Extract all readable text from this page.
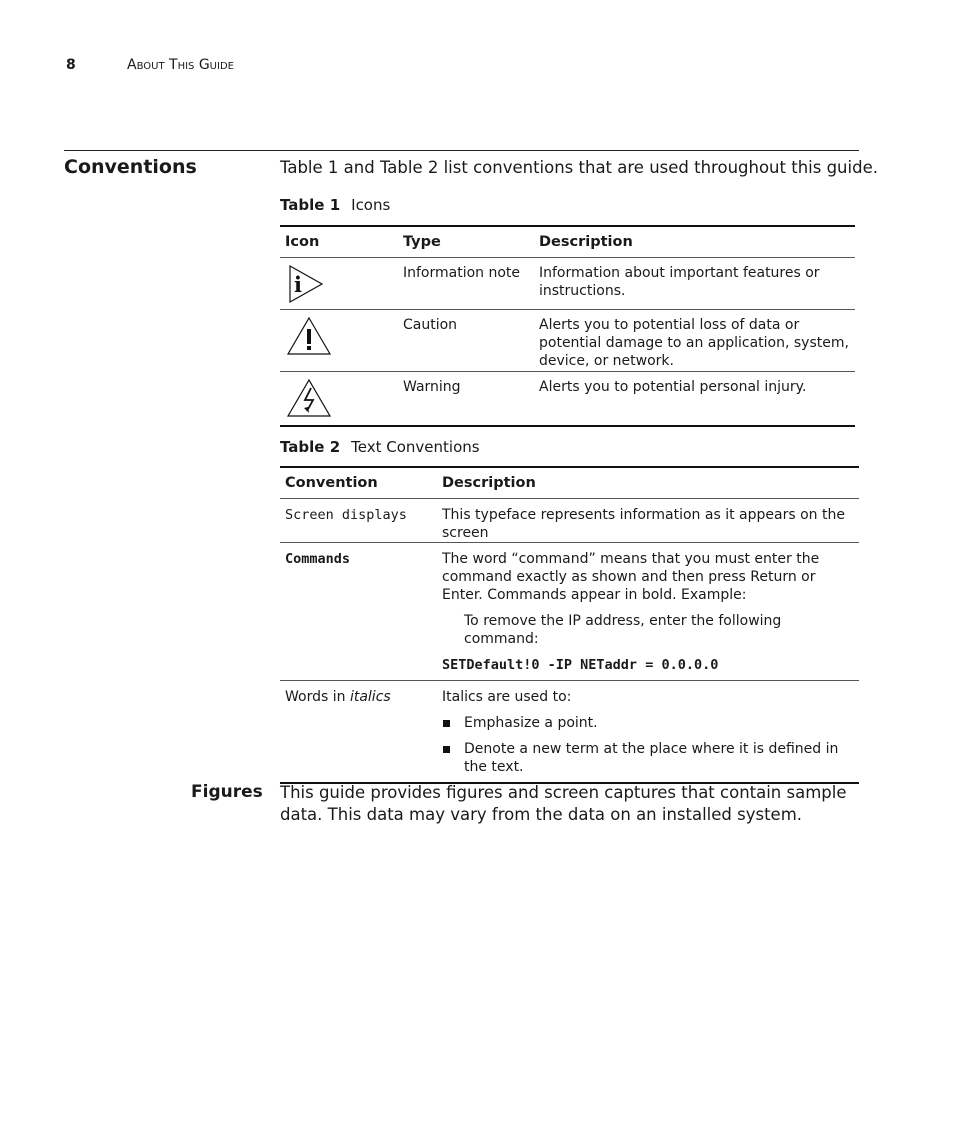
8	About This Guide
Conventions	Table 1 and Table 2 list conventions that are used throughout this guide.
Table 1 Icons
Icon	Type	Description

i	Information note	Information about important features or instructions.
	Caution	Alerts you to potential loss of data or potential damage to an application, system, device, or network.
	Warning	Alerts you to potential personal injury.
Table 2 Text Conventions
Convention	Description
Screen displays	This typeface represents information as it appears on the screen
Commands	The word “command” means that you must enter the command exactly as shown and then press Return or Enter. Commands appear in bold. Example:
To remove the IP address, enter the following command:
SETDefault!0 -IP NETaddr = 0.0.0.0

Words in italics	Italics are used to:
Emphasize a point.
Denote a new term at the place where it is defined in the text.
Figures This guide provides figures and screen captures that contain sample data. This data may vary from the data on an installed system.
